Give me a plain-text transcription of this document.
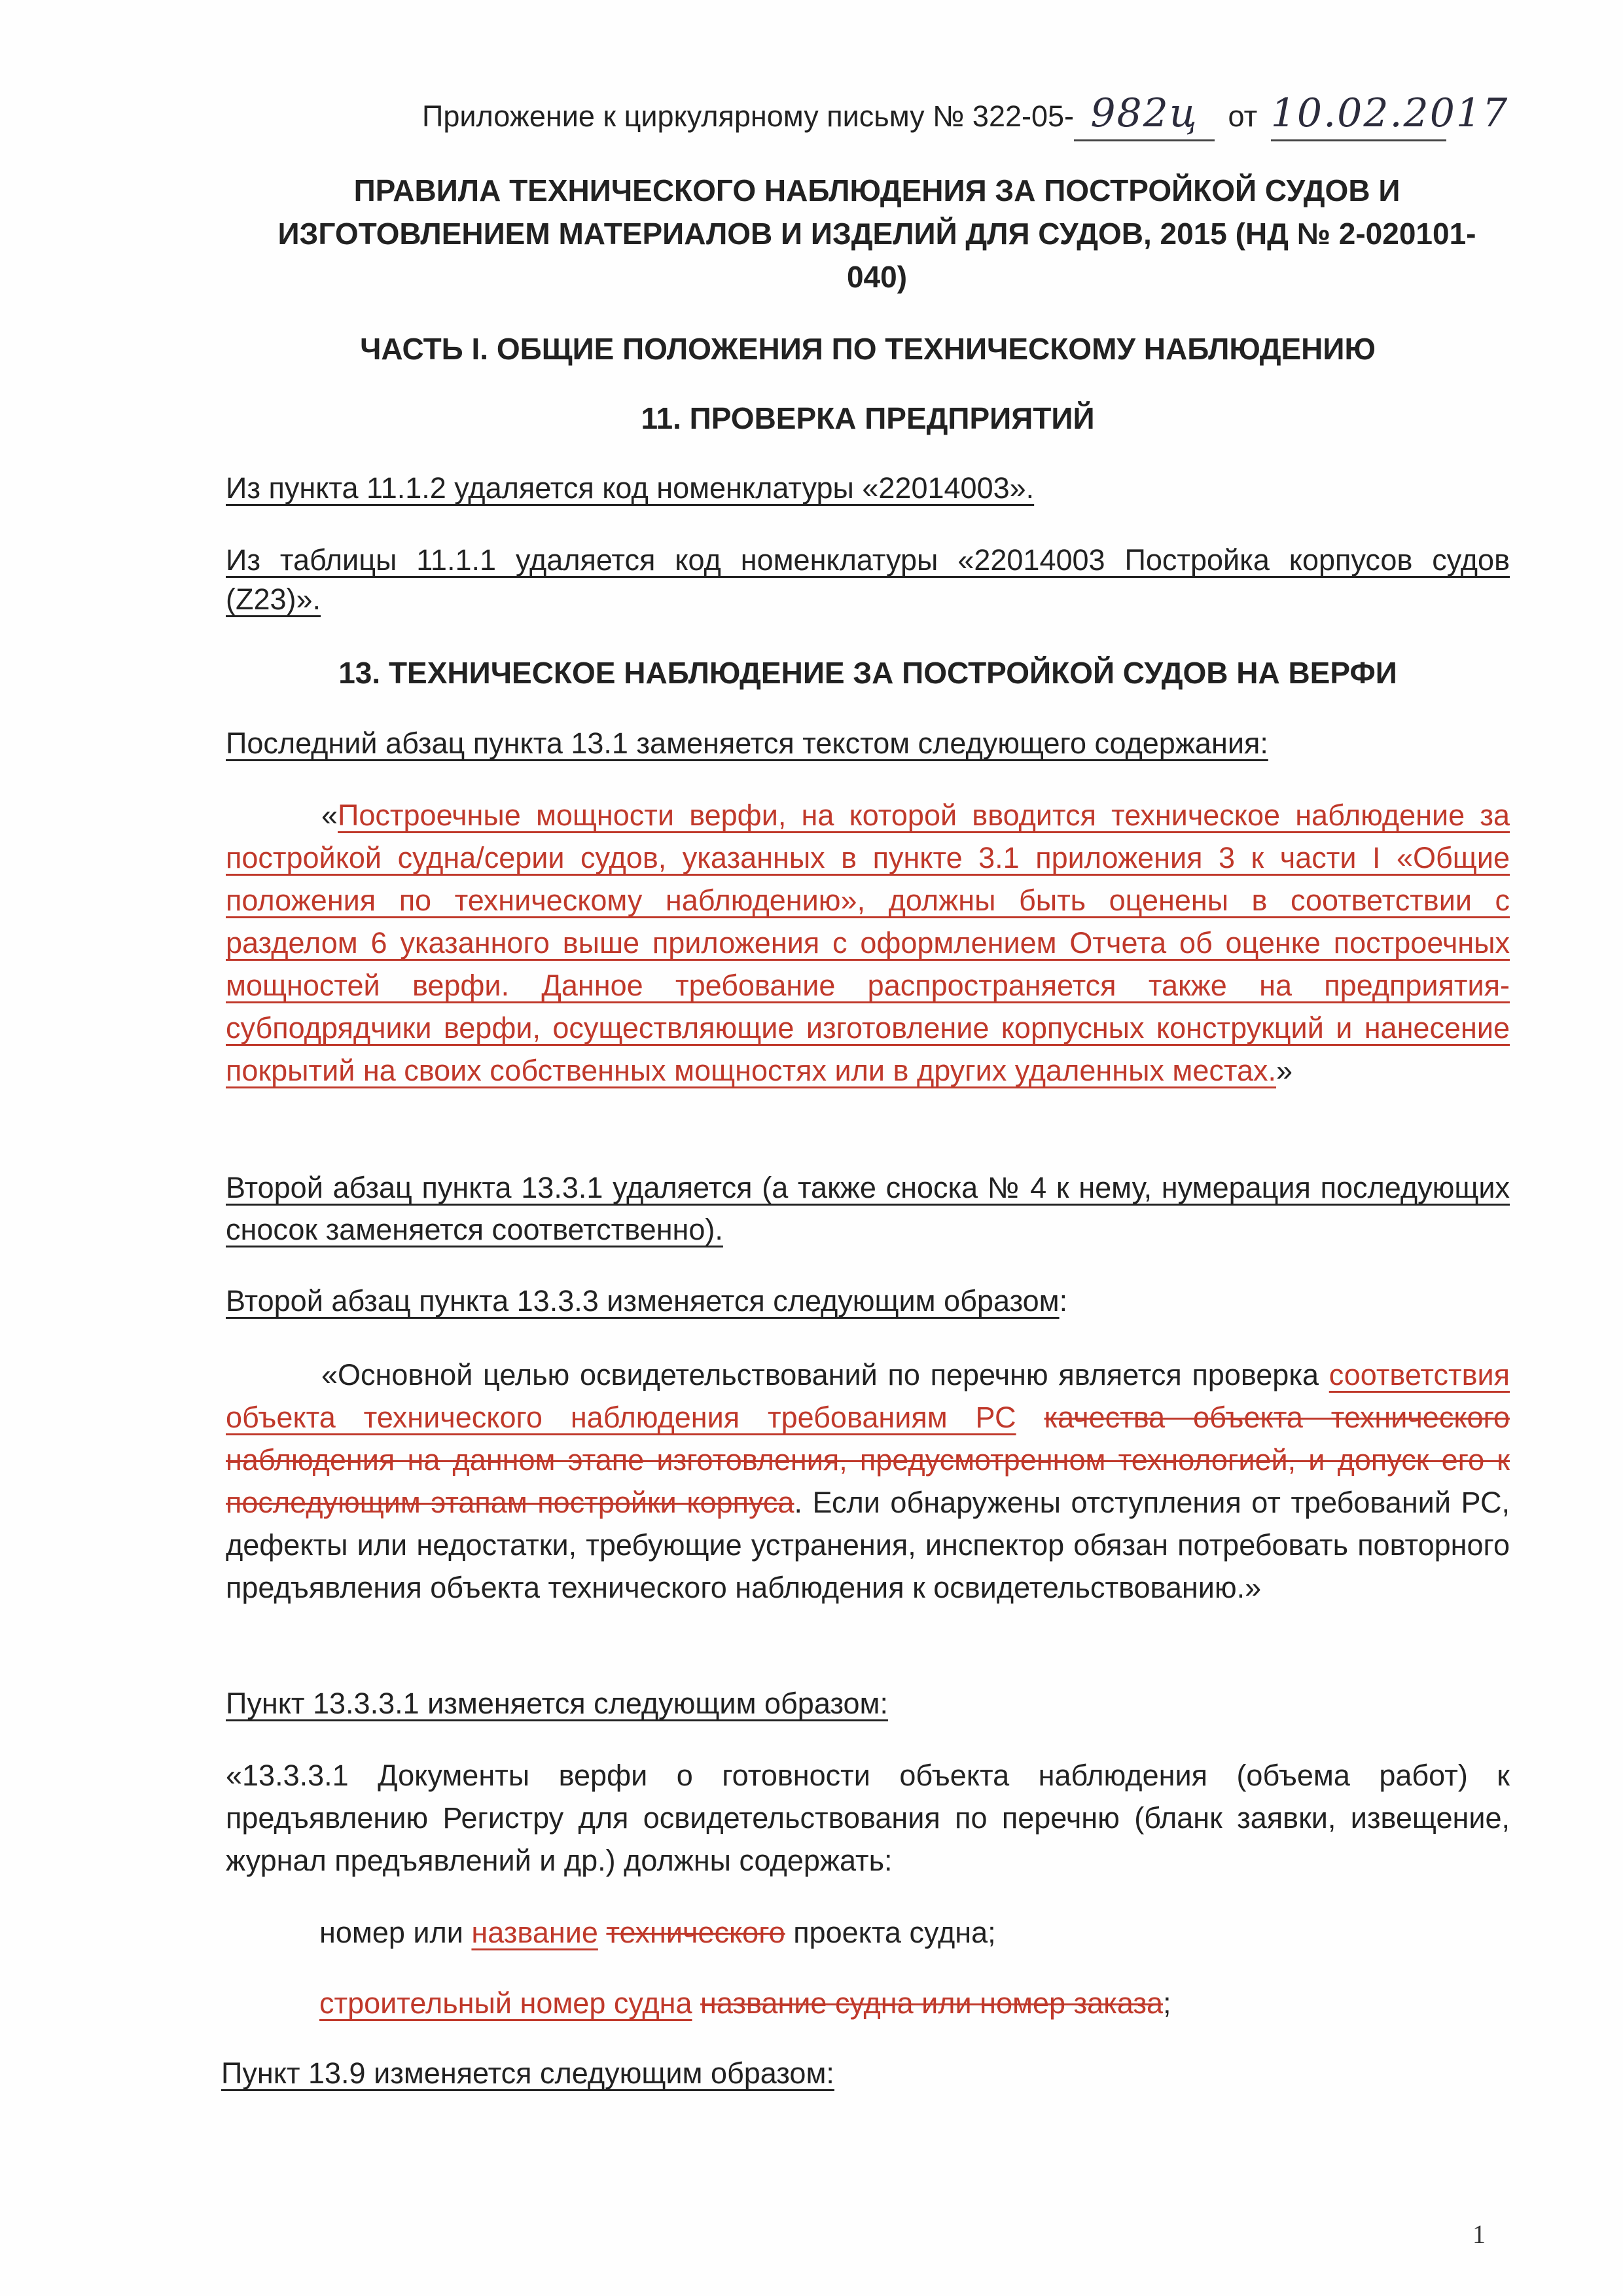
Приложение к циркулярному письму № 322-05- 982ц от 10.02.2017

ПРАВИЛА ТЕХНИЧЕСКОГО НАБЛЮДЕНИЯ ЗА ПОСТРОЙКОЙ СУДОВ И ИЗГОТОВЛЕНИЕМ МАТЕРИАЛОВ И ИЗДЕЛИЙ ДЛЯ СУДОВ, 2015 (НД № 2-020101-040)

ЧАСТЬ I. ОБЩИЕ ПОЛОЖЕНИЯ ПО ТЕХНИЧЕСКОМУ НАБЛЮДЕНИЮ

11. ПРОВЕРКА ПРЕДПРИЯТИЙ

Из пункта 11.1.2 удаляется код номенклатуры «22014003».

Из таблицы 11.1.1 удаляется код номенклатуры «22014003 Постройка корпусов судов (Z23)».

13. ТЕХНИЧЕСКОЕ НАБЛЮДЕНИЕ ЗА ПОСТРОЙКОЙ СУДОВ НА ВЕРФИ

Последний абзац пункта 13.1 заменяется текстом следующего содержания:

«Построечные мощности верфи, на которой вводится техническое наблюдение за постройкой судна/серии судов, указанных в пункте 3.1 приложения 3 к части I «Общие положения по техническому наблюдению», должны быть оценены в соответствии с разделом 6 указанного выше приложения с оформлением Отчета об оценке построечных мощностей верфи. Данное требование распространяется также на предприятия-субподрядчики верфи, осуществляющие изготовление корпусных конструкций и нанесение покрытий на своих собственных мощностях или в других удаленных местах.»

Второй абзац пункта 13.3.1 удаляется (а также сноска № 4 к нему, нумерация последующих сносок заменяется соответственно).

Второй абзац пункта 13.3.3 изменяется следующим образом:

«Основной целью освидетельствований по перечню является проверка соответствия объекта технического наблюдения требованиям РС качества объекта технического наблюдения на данном этапе изготовления, предусмотренном технологией, и допуск его к последующим этапам постройки корпуса. Если обнаружены отступления от требований РС, дефекты или недостатки, требующие устранения, инспектор обязан потребовать повторного предъявления объекта технического наблюдения к освидетельствованию.»

Пункт 13.3.3.1 изменяется следующим образом:

«13.3.3.1 Документы верфи о готовности объекта наблюдения (объема работ) к предъявлению Регистру для освидетельствования по перечню (бланк заявки, извещение, журнал предъявлений и др.) должны содержать:

номер или название технического проекта судна;

строительный номер судна название судна или номер заказа;

Пункт 13.9 изменяется следующим образом:

1
